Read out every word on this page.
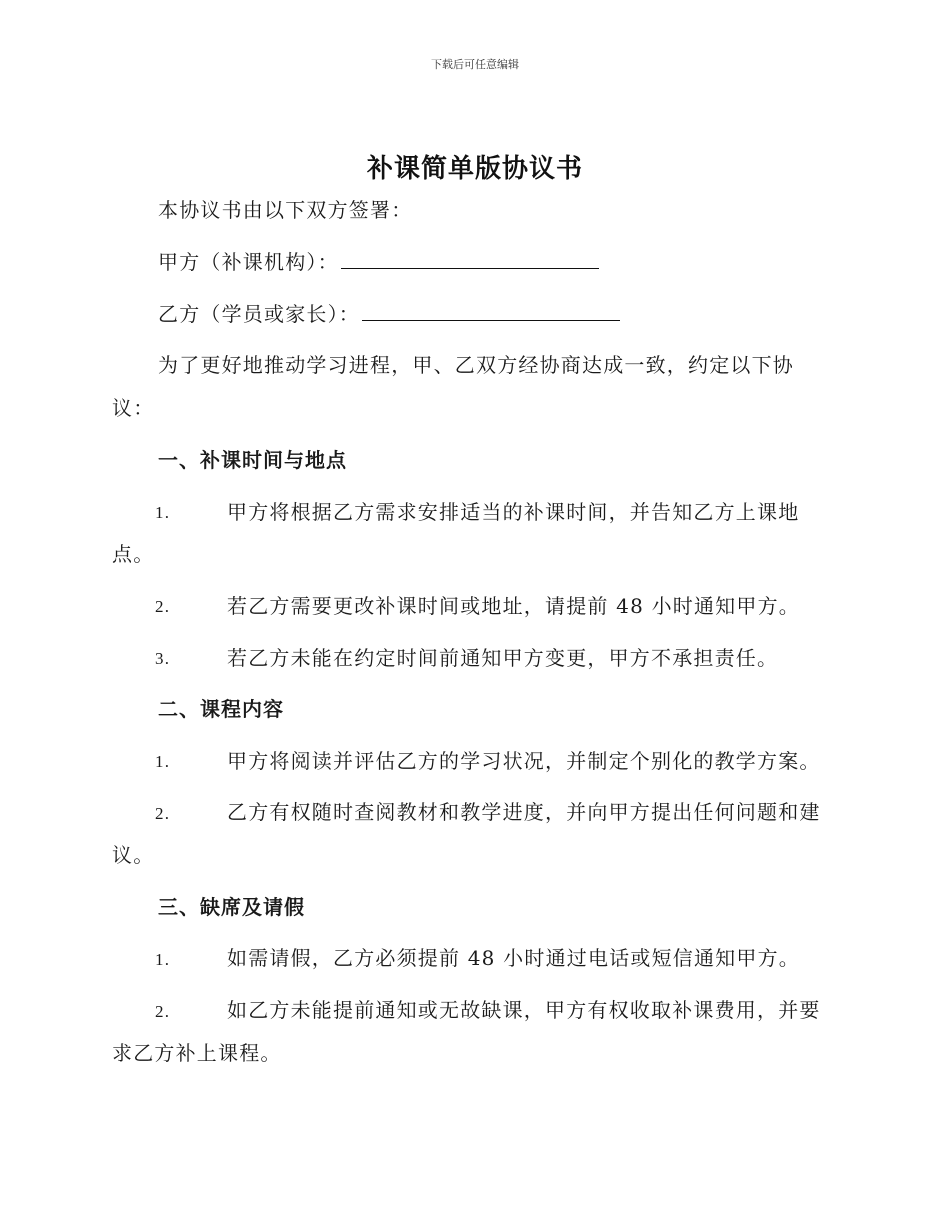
下载后可任意编辑
补课简单版协议书
本协议书由以下双方签署：
甲方（补课机构）：
乙方（学员或家长）：
为了更好地推动学习进程，甲、乙双方经协商达成一致，约定以下协
议：
一、补课时间与地点
1.	甲方将根据乙方需求安排适当的补课时间，并告知乙方上课地
点。
2.	若乙方需要更改补课时间或地址，请提前 48 小时通知甲方。
3.	若乙方未能在约定时间前通知甲方变更，甲方不承担责任。
二、课程内容
1.	甲方将阅读并评估乙方的学习状况，并制定个别化的教学方案。
2.	乙方有权随时查阅教材和教学进度，并向甲方提出任何问题和建
议。
三、缺席及请假
1.	如需请假，乙方必须提前 48 小时通过电话或短信通知甲方。
2.	如乙方未能提前通知或无故缺课，甲方有权收取补课费用，并要
求乙方补上课程。
